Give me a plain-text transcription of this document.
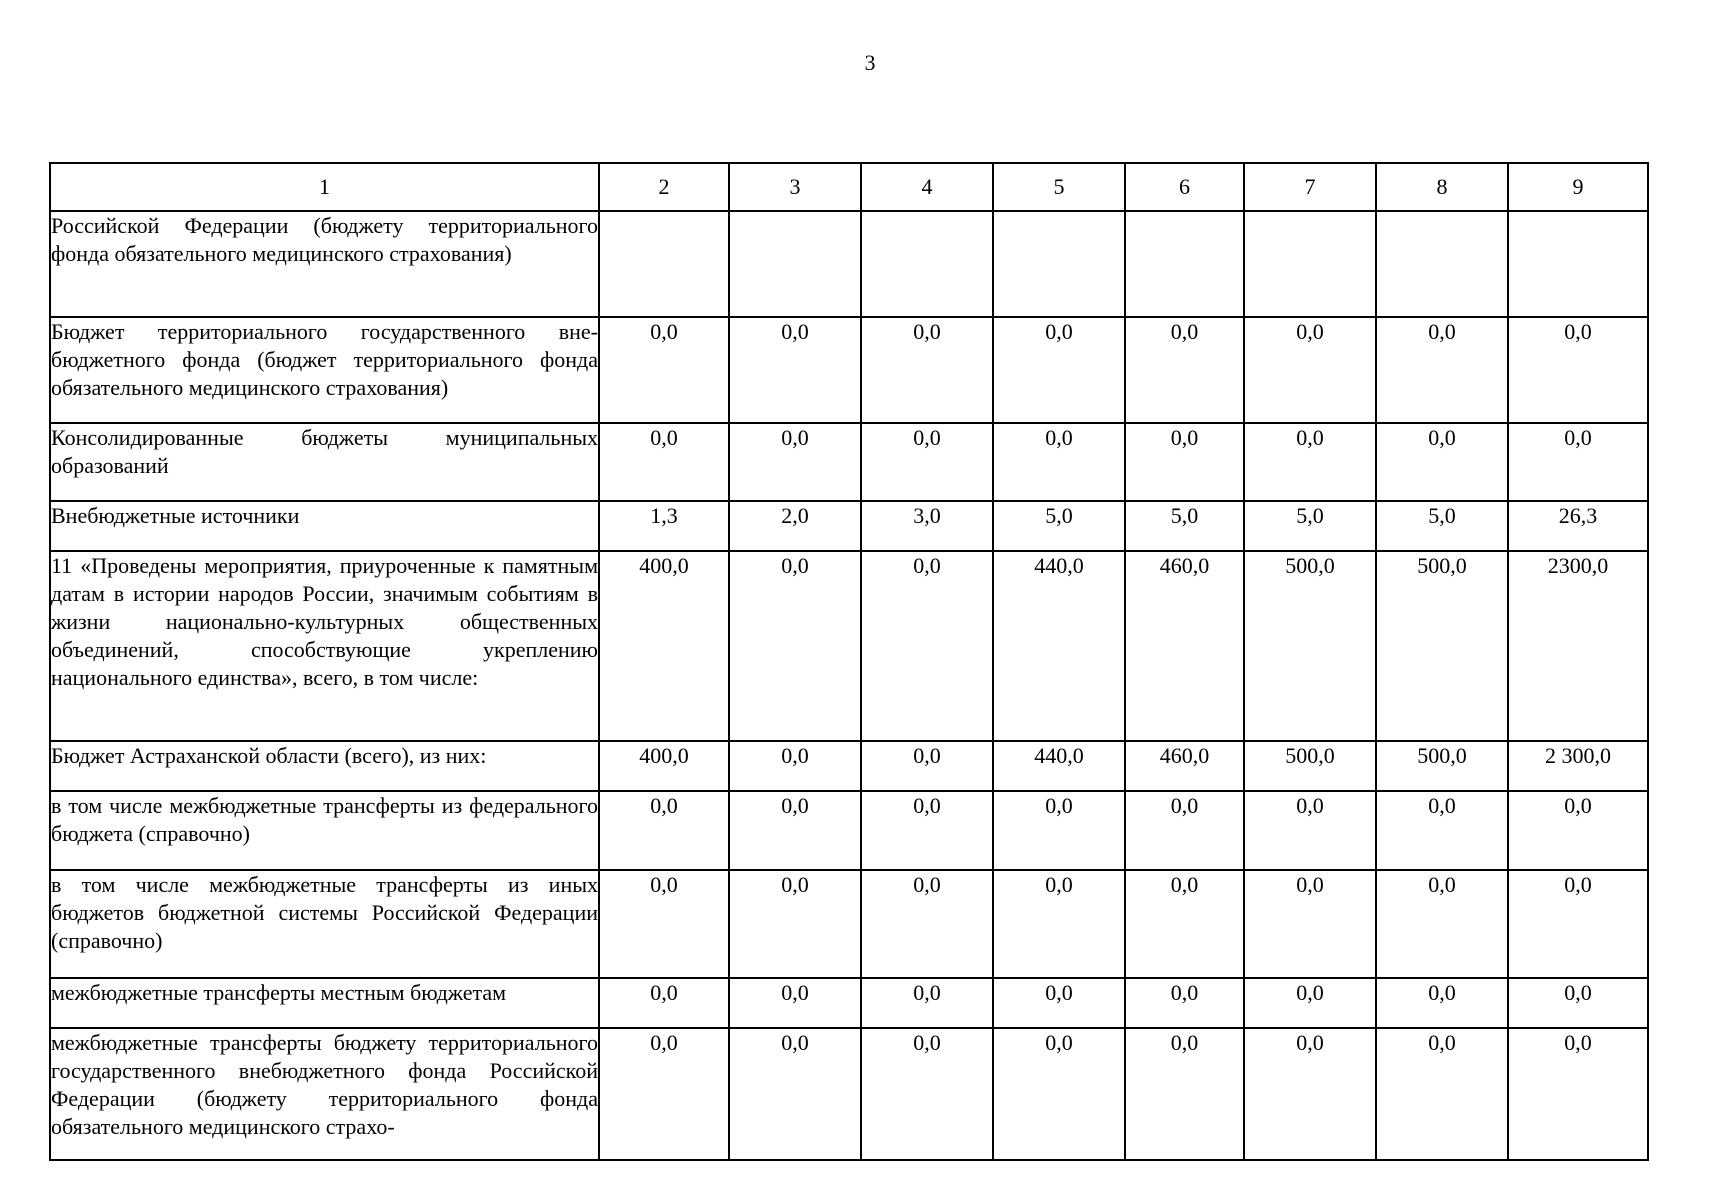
3
1	2	3	4	5	6	7	8	9
Российской Федерации (бюджету территориального фонда обязательного медицинского страхования)								
Бюджет территориального государственного внебюджетного фонда (бюджет территориального фонда обязательного медицинского страхования)	0,0	0,0	0,0	0,0	0,0	0,0	0,0	0,0
Консолидированные бюджеты муниципальных образований	0,0	0,0	0,0	0,0	0,0	0,0	0,0	0,0
Внебюджетные источники	1,3	2,0	3,0	5,0	5,0	5,0	5,0	26,3
11 «Проведены мероприятия, приуроченные к памятным датам в истории народов России, значимым событиям в жизни национально-культурных общественных объединений, способствующие укреплению национального единства», всего, в том числе:	400,0	0,0	0,0	440,0	460,0	500,0	500,0	2300,0
Бюджет Астраханской области (всего), из них:	400,0	0,0	0,0	440,0	460,0	500,0	500,0	2 300,0
в том числе межбюджетные трансферты из федерального бюджета (справочно)	0,0	0,0	0,0	0,0	0,0	0,0	0,0	0,0
в том числе межбюджетные трансферты из иных бюджетов бюджетной системы Российской Федерации (справочно)	0,0	0,0	0,0	0,0	0,0	0,0	0,0	0,0
межбюджетные трансферты местным бюджетам	0,0	0,0	0,0	0,0	0,0	0,0	0,0	0,0
межбюджетные трансферты бюджету территориального государственного внебюджетного фонда Российской Федерации (бюджету территориального фонда обязательного медицинского страхо-	0,0	0,0	0,0	0,0	0,0	0,0	0,0	0,0
